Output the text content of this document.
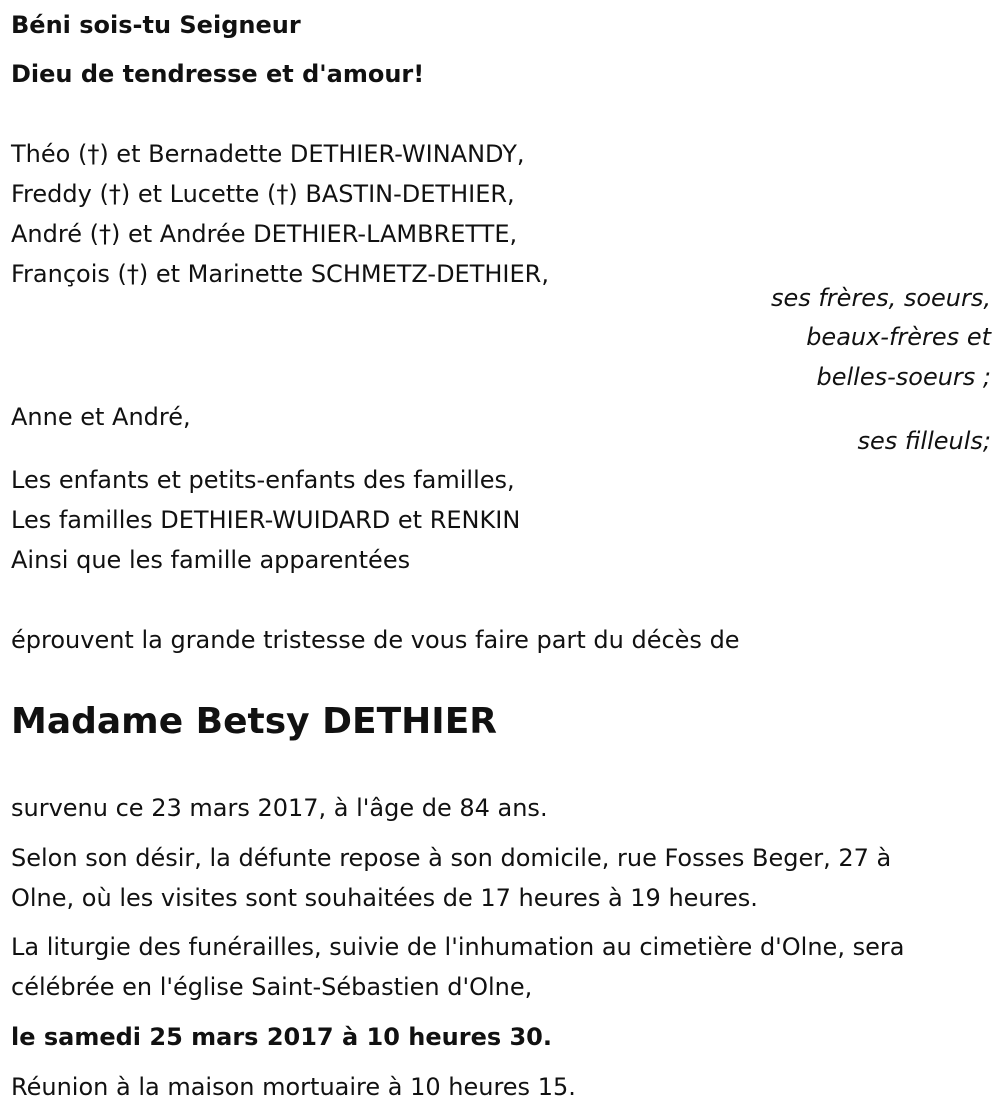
Béni sois-tu Seigneur
Dieu de tendresse et d'amour!
Théo (†) et Bernadette DETHIER-WINANDY,
Freddy (†) et Lucette (†) BASTIN-DETHIER,
André (†) et Andrée DETHIER-LAMBRETTE,
François (†) et Marinette SCHMETZ-DETHIER,
ses frères, soeurs,
beaux-frères et
belles-soeurs ;
Anne et André,
ses filleuls;
Les enfants et petits-enfants des familles,
Les familles DETHIER-WUIDARD et RENKIN
Ainsi que les famille apparentées
éprouvent la grande tristesse de vous faire part du décès de
Madame Betsy DETHIER
survenu ce 23 mars 2017, à l'âge de 84 ans.
Selon son désir, la défunte repose à son domicile, rue Fosses Beger, 27 à
Olne, où les visites sont souhaitées de 17 heures à 19 heures.
La liturgie des funérailles, suivie de l'inhumation au cimetière d'Olne, sera
célébrée en l'église Saint-Sébastien d'Olne,
le samedi 25 mars 2017 à 10 heures 30.
Réunion à la maison mortuaire à 10 heures 15.
